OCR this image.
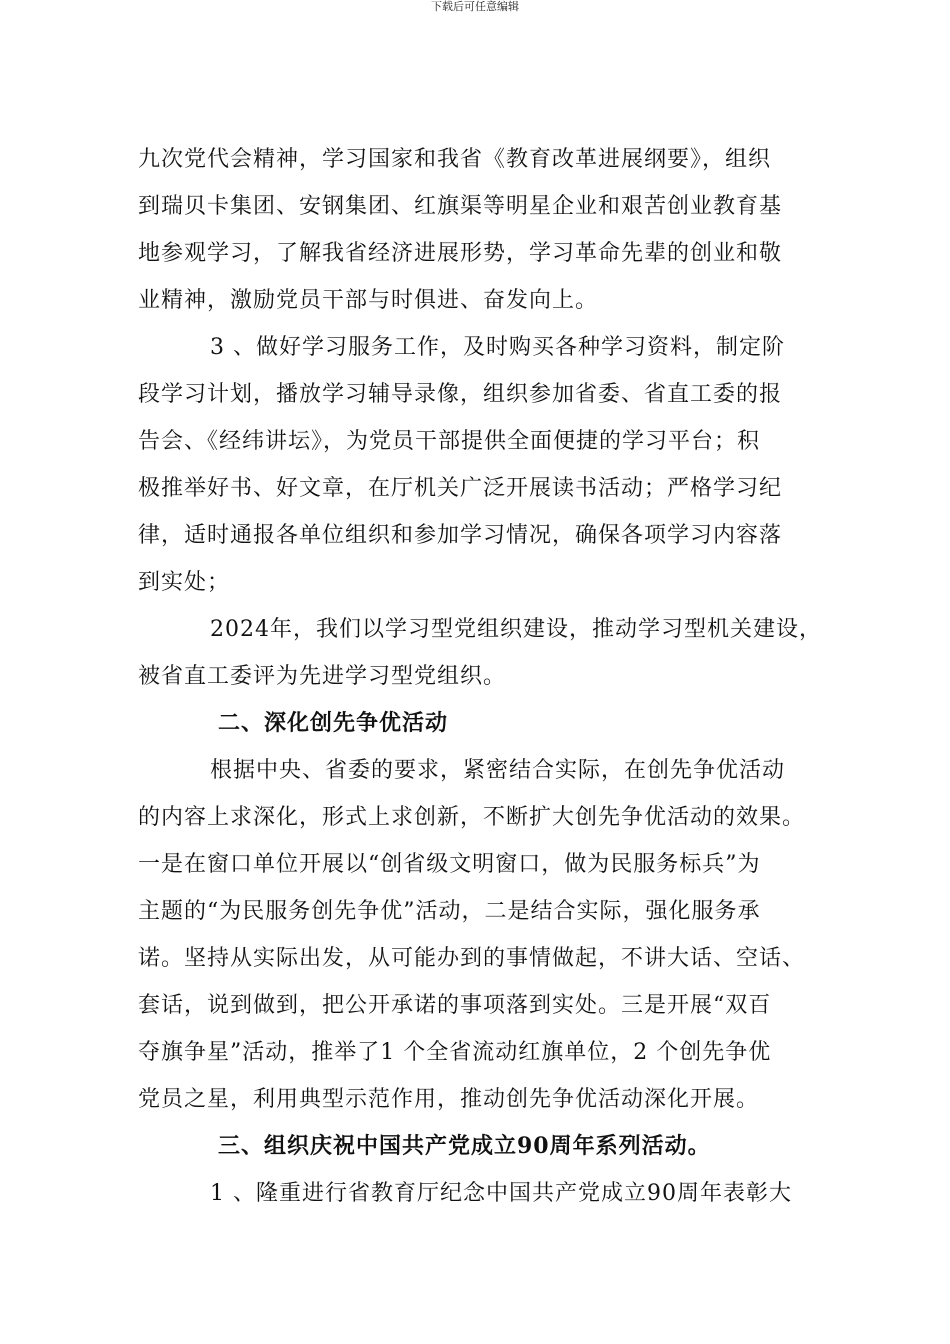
下载后可任意编辑
九次党代会精神，学习国家和我省《教育改革进展纲要》，组织
到瑞贝卡集团、安钢集团、红旗渠等明星企业和艰苦创业教育基
地参观学习，了解我省经济进展形势，学习革命先辈的创业和敬
业精神，激励党员干部与时俱进、奋发向上。
3 、做好学习服务工作，及时购买各种学习资料，制定阶
段学习计划，播放学习辅导录像，组织参加省委、省直工委的报
告会、《经纬讲坛》，为党员干部提供全面便捷的学习平台；积
极推举好书、好文章，在厅机关广泛开展读书活动；严格学习纪
律，适时通报各单位组织和参加学习情况，确保各项学习内容落
到实处；
2024年，我们以学习型党组织建设，推动学习型机关建设，
被省直工委评为先进学习型党组织。
二、深化创先争优活动
根据中央、省委的要求，紧密结合实际，在创先争优活动
的内容上求深化，形式上求创新，不断扩大创先争优活动的效果。
一是在窗口单位开展以“创省级文明窗口，做为民服务标兵”为
主题的“为民服务创先争优”活动，二是结合实际，强化服务承
诺。坚持从实际出发，从可能办到的事情做起，不讲大话、空话、
套话，说到做到，把公开承诺的事项落到实处。三是开展“双百
夺旗争星”活动，推举了1 个全省流动红旗单位，2 个创先争优
党员之星，利用典型示范作用，推动创先争优活动深化开展。
三、组织庆祝中国共产党成立90周年系列活动。
1 、隆重进行省教育厅纪念中国共产党成立90周年表彰大
